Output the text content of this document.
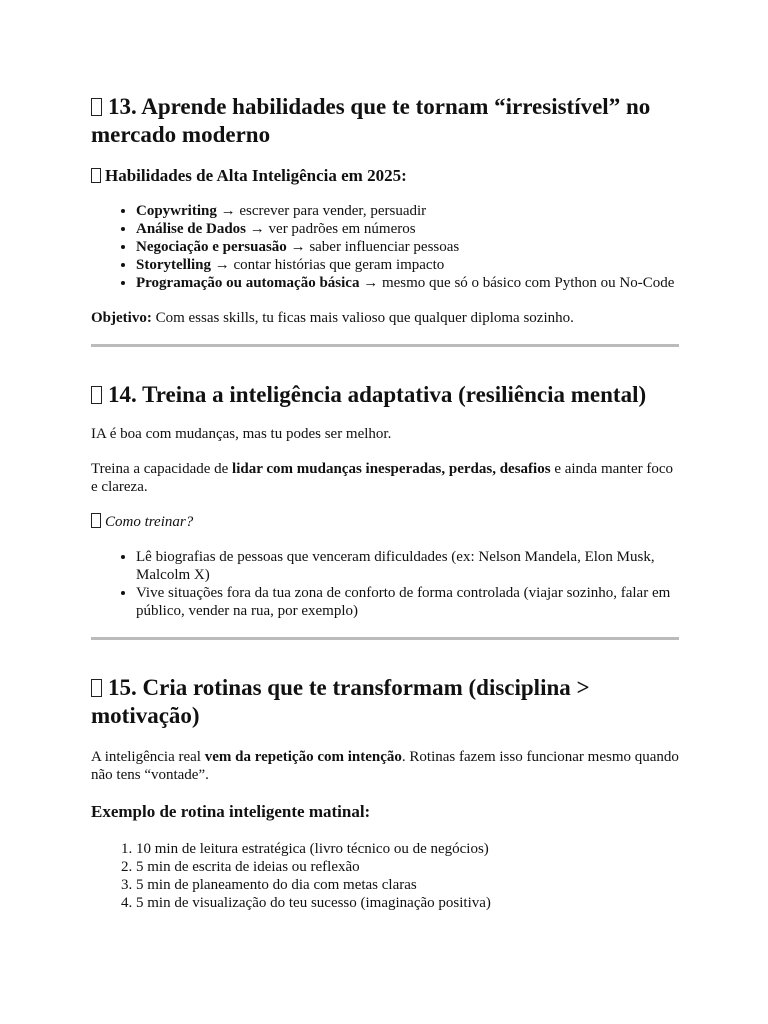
13. Aprende habilidades que te tornam “irresistível” no mercado moderno
Habilidades de Alta Inteligência em 2025:
• Copywriting → escrever para vender, persuadir
• Análise de Dados → ver padrões em números
• Negociação e persuasão → saber influenciar pessoas
• Storytelling → contar histórias que geram impacto
• Programação ou automação básica → mesmo que só o básico com Python ou No-Code

Objetivo: Com essas skills, tu ficas mais valioso que qualquer diploma sozinho.

14. Treina a inteligência adaptativa (resiliência mental)

IA é boa com mudanças, mas tu podes ser melhor.

Treina a capacidade de lidar com mudanças inesperadas, perdas, desafios e ainda manter foco e clareza.

Como treinar?

• Lê biografias de pessoas que venceram dificuldades (ex: Nelson Mandela, Elon Musk, Malcolm X)
• Vive situações fora da tua zona de conforto de forma controlada (viajar sozinho, falar em público, vender na rua, por exemplo)
15. Cria rotinas que te transformam (disciplina > motivação)

A inteligência real vem da repetição com intenção. Rotinas fazem isso funcionar mesmo quando não tens “vontade”.

Exemplo de rotina inteligente matinal:
1. 10 min de leitura estratégica (livro técnico ou de negócios)
2. 5 min de escrita de ideias ou reflexão
3. 5 min de planeamento do dia com metas claras
4. 5 min de visualização do teu sucesso (imaginação positiva)
